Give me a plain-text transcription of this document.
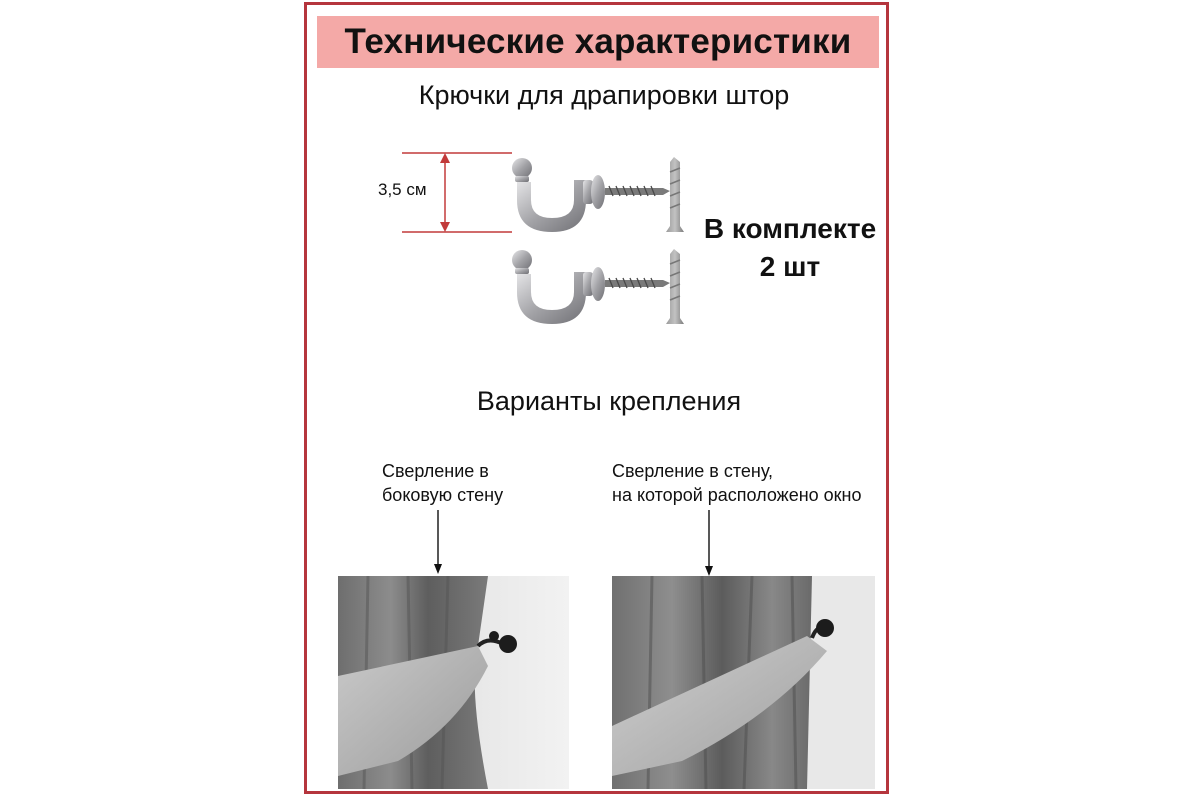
Технические характеристики
Крючки для драпировки штор
3,5 см
В комплекте
2 шт
Варианты крепления
Сверление в
боковую стену
Сверление в стену,
на которой расположено окно
